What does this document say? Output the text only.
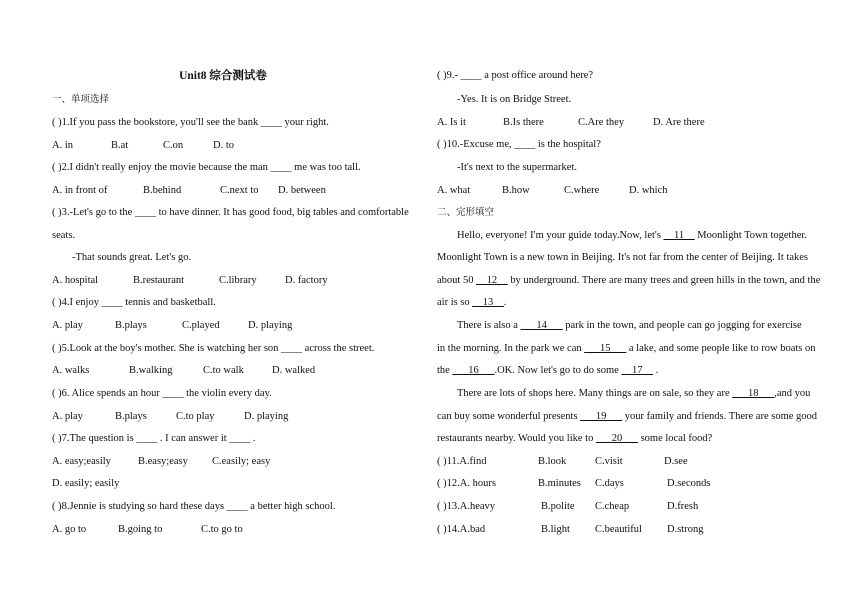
Unit8 综合测试卷
一、单项选择
( )1.If you pass the bookstore, you'll see the bank ____ your right.
A. in	B.at	C.on	D. to
( )2.I didn't really enjoy the movie because the man ____ me was too tall.
A. in front of	B.behind	C.next to D. between
( )3.-Let's go to the ____ to have dinner. It has good food, big tables and comfortable
seats.
-That sounds great. Let's go.
A. hospital	B.restaurant	C.library	D. factory
( )4.I enjoy ____ tennis and basketball.
A. play	B.plays	C.played	D. playing
( )5.Look at the boy's mother. She is watching her son ____ across the street.
A. walks	B.walking	C.to walk	D. walked
( )6. Alice spends an hour ____ the violin every day.
A. play	B.plays	C.to play	D. playing
( )7.The question is ____ . I can answer it ____ .
A. easy;easily	B.easy;easy C.easily; easy
D. easily; easily
( )8.Jennie is studying so hard these days ____ a better high school.
A. go to	B.going to	C.to go to
( )9.- ____ a post office around here?
-Yes. It is on Bridge Street.
A. Is it	B.Is there	C.Are they	D. Are there
( )10.-Excuse me, ____ is the hospital?
-It's next to the supermarket.
A. what	B.how	C.where	D. which
二、完形填空
Hello, everyone! I'm your guide today.Now, let's __11__ Moonlight Town together.
Moonlight Town is a new town in Beijing. It's not far from the center of Beijing. It takes
about 50 __12__ by underground. There are many trees and green hills in the town, and the
air is so __13__.
There is also a ___14___ park in the town, and people can go jogging for exercise
in the morning. In the park we can ___15___ a lake, and some people like to row boats on
the ___16___.OK. Now let's go to do some __17__ .
There are lots of shops here. Many things are on sale, so they are ___18___,and you
can buy some wonderful presents ___19___ your family and friends. There are some good
restaurants nearby. Would you like to ___20___ some local food?
( )11.A.find	B.look	C.visit	D.see
( )12.A. hours	B.minutes C.days	D.seconds
( )13.A.heavy	B.polite C.cheap	D.fresh
( )14.A.bad	B.light C.beautiful D.strong
